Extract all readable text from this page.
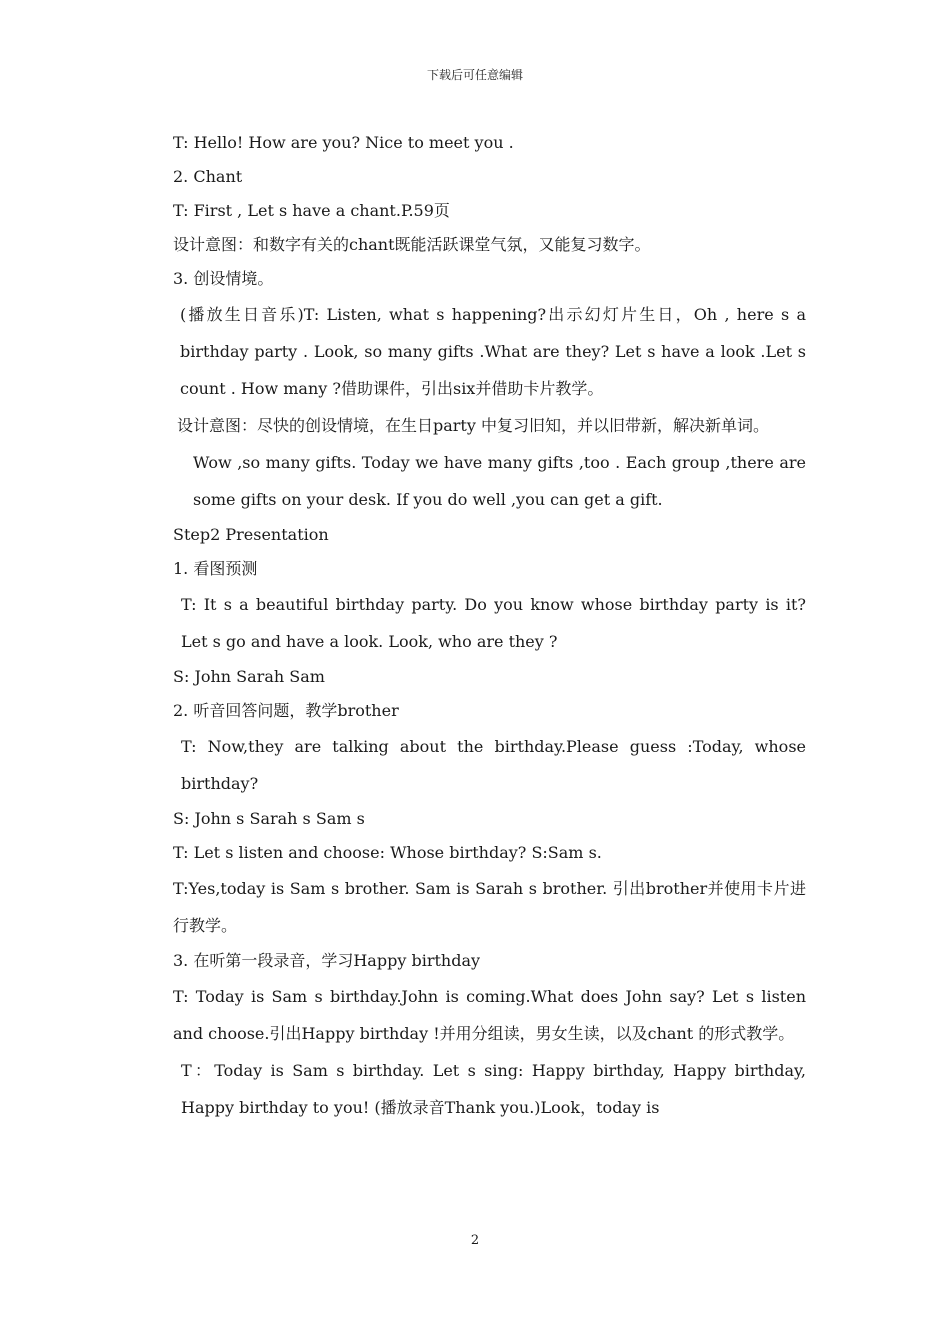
下载后可任意编辑

T: Hello! How are you? Nice to meet you .

2. Chant

T: First , Let s have a chant.P.59页

设计意图：和数字有关的chant既能活跃课堂气氛，又能复习数字。

3. 创设情境。

(播放生日音乐)T: Listen, what s happening?出示幻灯片生日，Oh , here s a birthday party . Look, so many gifts .What are they? Let s have a look .Let s count . How many ?借助课件，引出six并借助卡片教学。

设计意图：尽快的创设情境，在生日party 中复习旧知，并以旧带新，解决新单词。

Wow ,so many gifts. Today we have many gifts ,too . Each group ,there are some gifts on your desk. If you do well ,you can get a gift.

Step2 Presentation

1. 看图预测

T: It s a beautiful birthday party. Do you know whose birthday party is it? Let s go and have a look. Look, who are they ?

S: John Sarah Sam

2. 听音回答问题，教学brother

T: Now,they are talking about the birthday.Please guess :Today, whose birthday?

S: John s Sarah s Sam s

T: Let s listen and choose: Whose birthday? S:Sam s.

T:Yes,today is Sam s brother. Sam is Sarah s brother. 引出brother并使用卡片进行教学。

3. 在听第一段录音，学习Happy birthday

T: Today is Sam s birthday.John is coming.What does John say? Let s listen and choose.引出Happy birthday !并用分组读，男女生读，以及chant 的形式教学。

T：Today is Sam s birthday. Let s sing: Happy birthday, Happy birthday, Happy birthday to you! (播放录音Thank you.)Look，today is

2
